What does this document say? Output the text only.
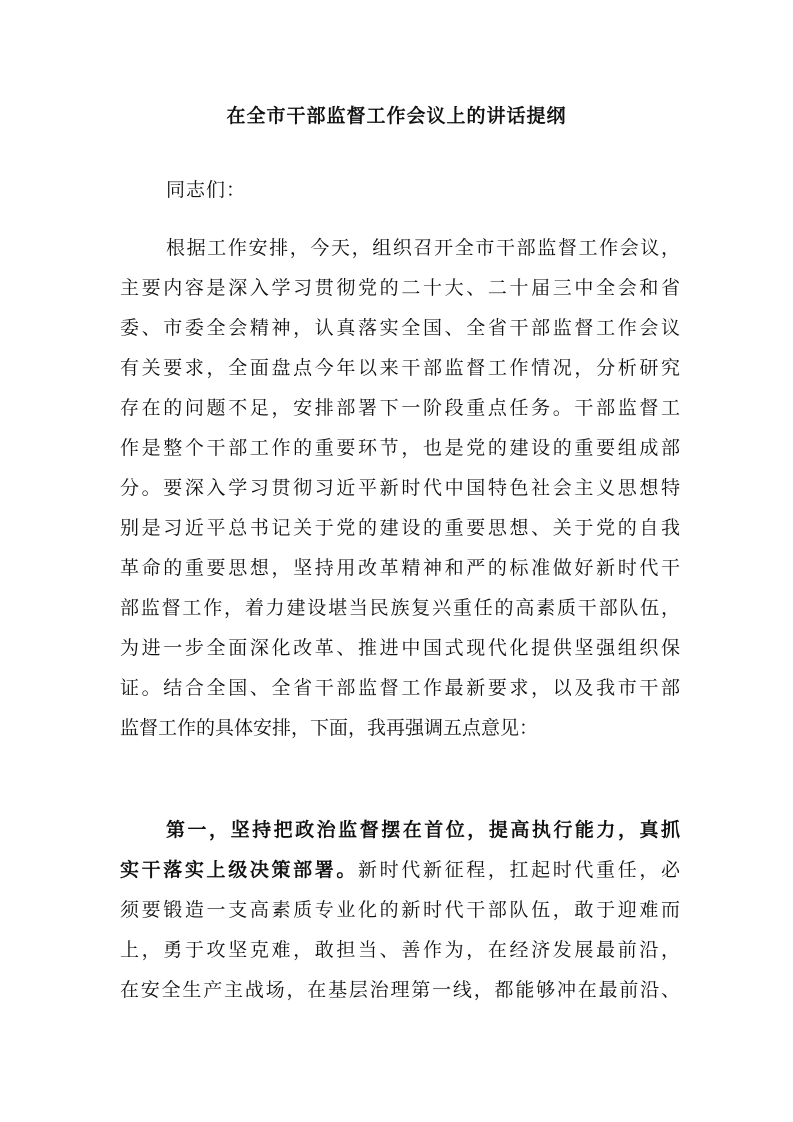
在全市干部监督工作会议上的讲话提纲

同志们：

根据工作安排，今天，组织召开全市干部监督工作会议，
主要内容是深入学习贯彻党的二十大、二十届三中全会和省
委、市委全会精神，认真落实全国、全省干部监督工作会议
有关要求，全面盘点今年以来干部监督工作情况，分析研究
存在的问题不足，安排部署下一阶段重点任务。干部监督工
作是整个干部工作的重要环节，也是党的建设的重要组成部
分。要深入学习贯彻习近平新时代中国特色社会主义思想特
别是习近平总书记关于党的建设的重要思想、关于党的自我
革命的重要思想，坚持用改革精神和严的标准做好新时代干
部监督工作，着力建设堪当民族复兴重任的高素质干部队伍，
为进一步全面深化改革、推进中国式现代化提供坚强组织保
证。结合全国、全省干部监督工作最新要求，以及我市干部
监督工作的具体安排，下面，我再强调五点意见：
第一，坚持把政治监督摆在首位，提高执行能力，真抓
实干落实上级决策部署。新时代新征程，扛起时代重任，必
须要锻造一支高素质专业化的新时代干部队伍，敢于迎难而
上，勇于攻坚克难，敢担当、善作为，在经济发展最前沿，
在安全生产主战场，在基层治理第一线，都能够冲在最前沿、
